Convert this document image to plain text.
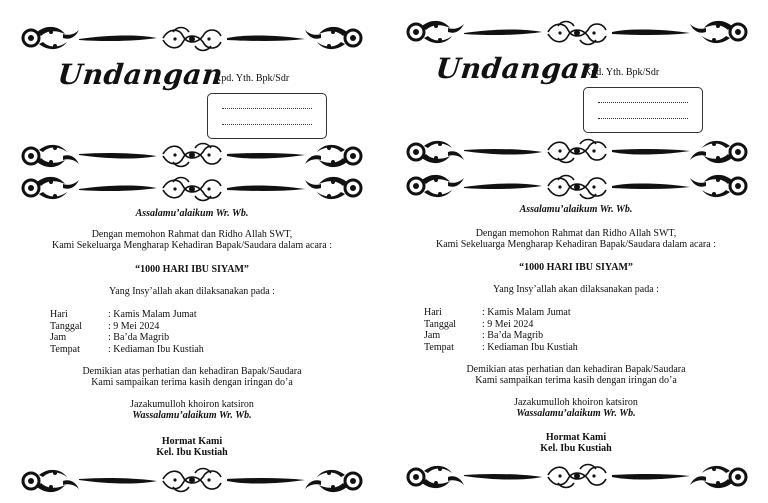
Undangan
Kpd. Yth. Bpk/Sdr
Assalamu’alaikum Wr. Wb.
Dengan memohon Rahmat dan Ridho Allah SWT,
Kami Sekeluarga Mengharap Kehadiran Bapak/Saudara dalam acara :
“1000 HARI IBU SIYAM”
Yang Insy’allah akan dilaksanakan pada :
Hari	: Kamis Malam Jumat
Tanggal	: 9 Mei 2024
Jam	: Ba’da Magrib
Tempat	: Kediaman Ibu Kustiah
Demikian atas perhatian dan kehadiran Bapak/Saudara
Kami sampaikan terima kasih dengan iringan do’a
Jazakumulloh khoiron katsiron
Wassalamu’alaikum Wr. Wb.
Hormat Kami
Kel. Ibu Kustiah
Undangan
Kpd. Yth. Bpk/Sdr
Assalamu’alaikum Wr. Wb.
Dengan memohon Rahmat dan Ridho Allah SWT,
Kami Sekeluarga Mengharap Kehadiran Bapak/Saudara dalam acara :
“1000 HARI IBU SIYAM”
Yang Insy’allah akan dilaksanakan pada :
Hari	: Kamis Malam Jumat
Tanggal	: 9 Mei 2024
Jam	: Ba’da Magrib
Tempat	: Kediaman Ibu Kustiah
Demikian atas perhatian dan kehadiran Bapak/Saudara
Kami sampaikan terima kasih dengan iringan do’a
Jazakumulloh khoiron katsiron
Wassalamu’alaikum Wr. Wb.
Hormat Kami
Kel. Ibu Kustiah
